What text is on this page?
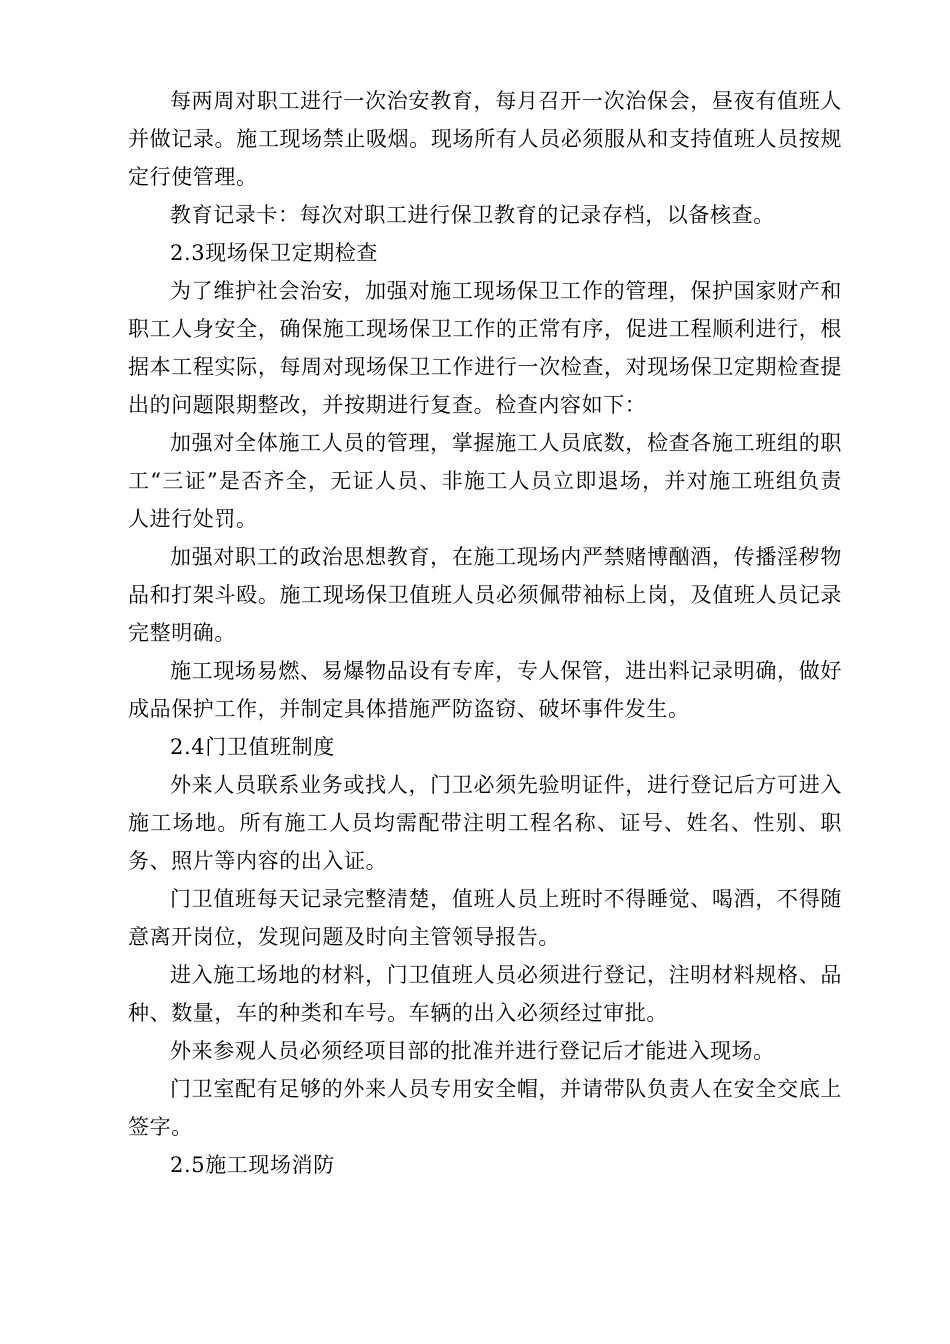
每两周对职工进行一次治安教育，每月召开一次治保会，昼夜有值班人
并做记录。施工现场禁止吸烟。现场所有人员必须服从和支持值班人员按规
定行使管理。
教育记录卡：每次对职工进行保卫教育的记录存档，以备核查。
2.3现场保卫定期检查
为了维护社会治安，加强对施工现场保卫工作的管理，保护国家财产和
职工人身安全，确保施工现场保卫工作的正常有序，促进工程顺利进行，根
据本工程实际，每周对现场保卫工作进行一次检查，对现场保卫定期检查提
出的问题限期整改，并按期进行复查。检查内容如下：
加强对全体施工人员的管理，掌握施工人员底数，检查各施工班组的职
工“三证”是否齐全，无证人员、非施工人员立即退场，并对施工班组负责
人进行处罚。
加强对职工的政治思想教育，在施工现场内严禁赌博酗酒，传播淫秽物
品和打架斗殴。施工现场保卫值班人员必须佩带袖标上岗，及值班人员记录
完整明确。
施工现场易燃、易爆物品设有专库，专人保管，进出料记录明确，做好
成品保护工作，并制定具体措施严防盗窃、破坏事件发生。
2.4门卫值班制度
外来人员联系业务或找人，门卫必须先验明证件，进行登记后方可进入
施工场地。所有施工人员均需配带注明工程名称、证号、姓名、性别、职
务、照片等内容的出入证。
门卫值班每天记录完整清楚，值班人员上班时不得睡觉、喝酒，不得随
意离开岗位，发现问题及时向主管领导报告。
进入施工场地的材料，门卫值班人员必须进行登记，注明材料规格、品
种、数量，车的种类和车号。车辆的出入必须经过审批。
外来参观人员必须经项目部的批准并进行登记后才能进入现场。
门卫室配有足够的外来人员专用安全帽，并请带队负责人在安全交底上
签字。
2.5施工现场消防
